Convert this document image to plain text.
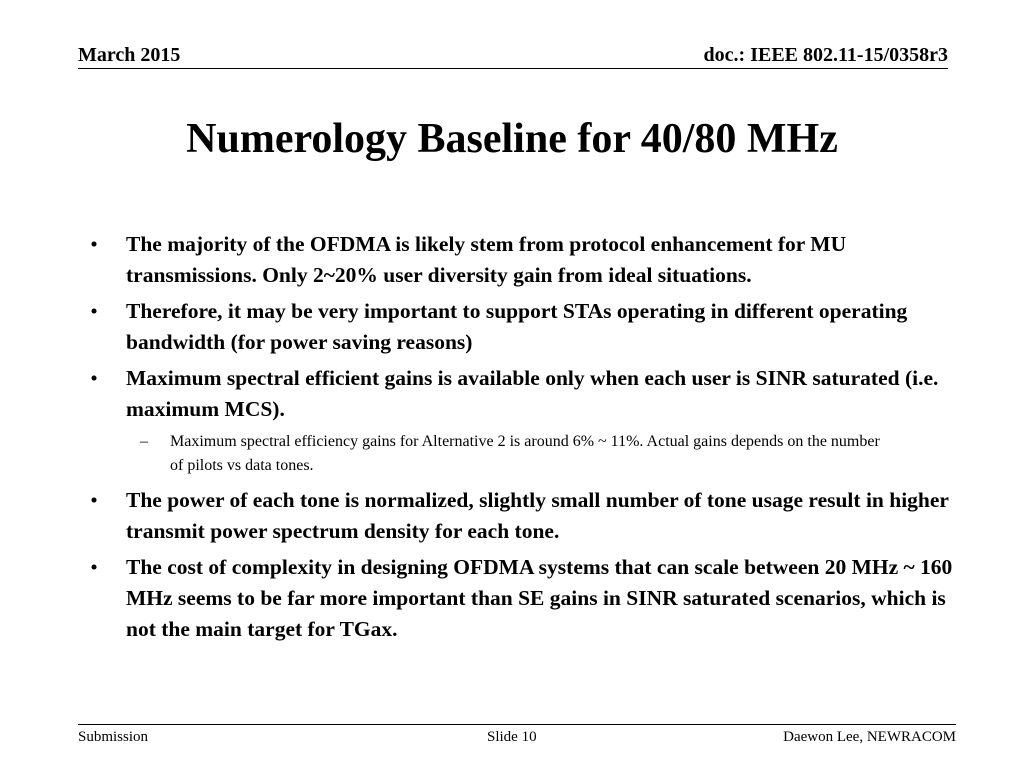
March 2015	doc.: IEEE 802.11-15/0358r3
Numerology Baseline for 40/80 MHz
• The majority of the OFDMA is likely stem from protocol enhancement for MU transmissions. Only 2~20% user diversity gain from ideal situations.
• Therefore, it may be very important to support STAs operating in different operating bandwidth (for power saving reasons)
• Maximum spectral efficient gains is available only when each user is SINR saturated (i.e. maximum MCS).
– Maximum spectral efficiency gains for Alternative 2 is around 6% ~ 11%. Actual gains depends on the number of pilots vs data tones.
• The power of each tone is normalized, slightly small number of tone usage result in higher transmit power spectrum density for each tone.
• The cost of complexity in designing OFDMA systems that can scale between 20 MHz ~ 160 MHz seems to be far more important than SE gains in SINR saturated scenarios, which is not the main target for TGax.
Submission	Slide 10	Daewon Lee, NEWRACOM
